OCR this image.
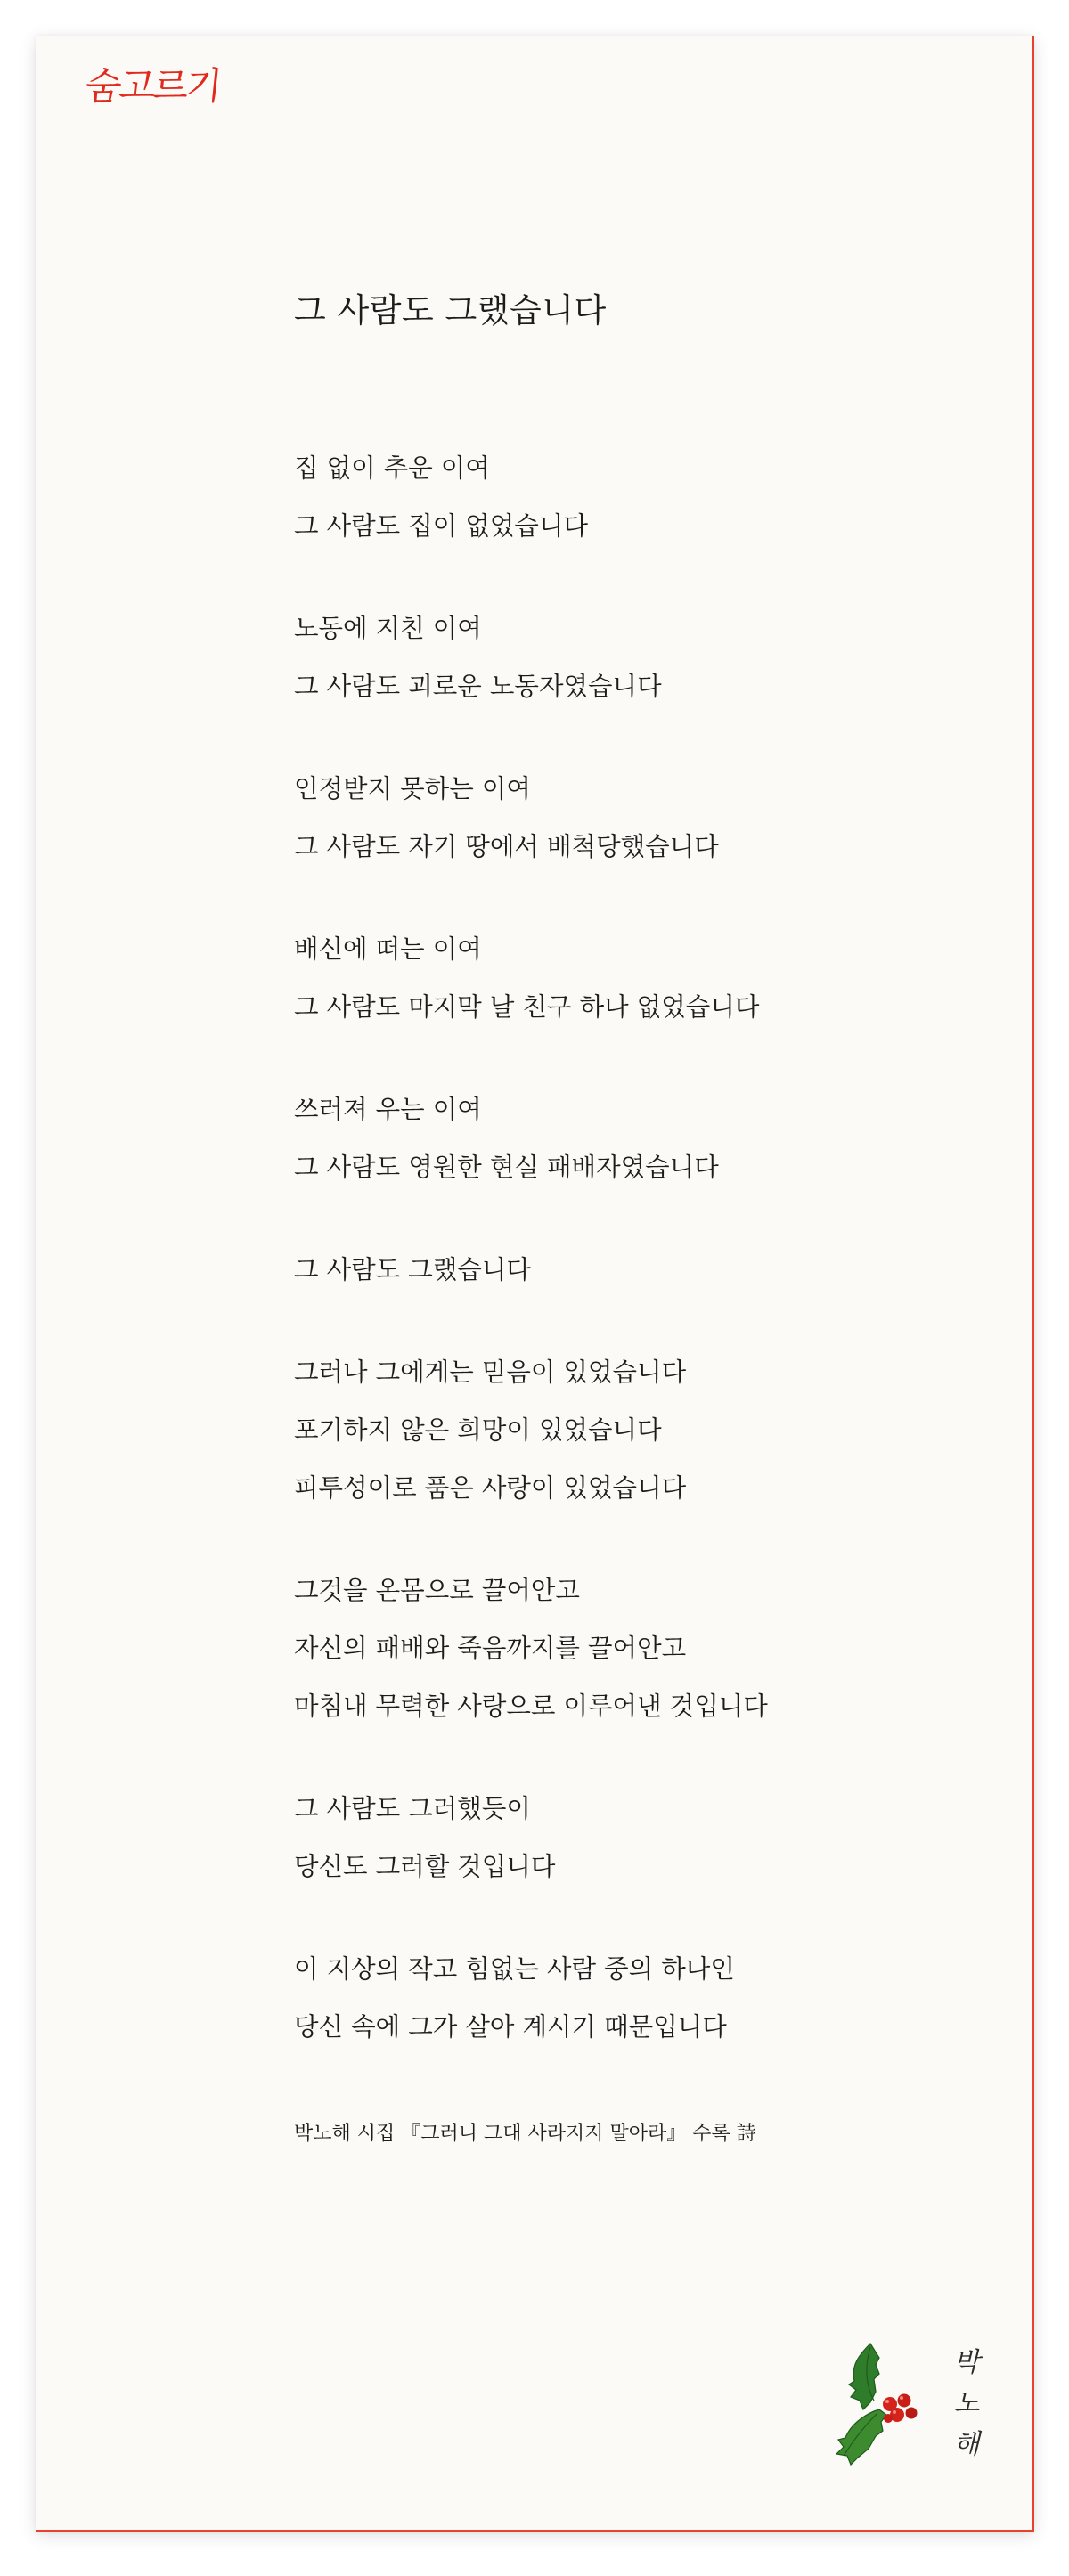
숨고르기
그 사람도 그랬습니다
집 없이 추운 이여
그 사람도 집이 없었습니다
노동에 지친 이여
그 사람도 괴로운 노동자였습니다
인정받지 못하는 이여
그 사람도 자기 땅에서 배척당했습니다
배신에 떠는 이여
그 사람도 마지막 날 친구 하나 없었습니다
쓰러져 우는 이여
그 사람도 영원한 현실 패배자였습니다
그 사람도 그랬습니다
그러나 그에게는 믿음이 있었습니다
포기하지 않은 희망이 있었습니다
피투성이로 품은 사랑이 있었습니다
그것을 온몸으로 끌어안고
자신의 패배와 죽음까지를 끌어안고
마침내 무력한 사랑으로 이루어낸 것입니다
그 사람도 그러했듯이
당신도 그러할 것입니다
이 지상의 작고 힘없는 사람 중의 하나인
당신 속에 그가 살아 계시기 때문입니다
박노해 시집 『그러니 그대 사라지지 말아라』 수록 詩
박
노
해
